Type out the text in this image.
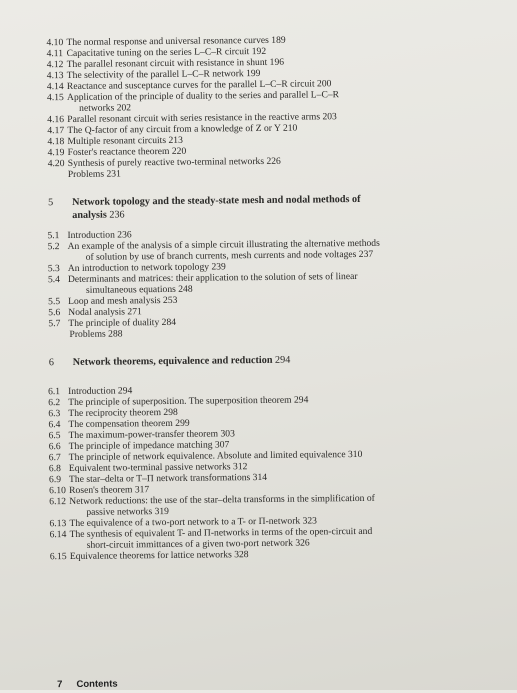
4.10 The normal response and universal resonance curves 189
4.11 Capacitative tuning on the series L–C–R circuit 192
4.12 The parallel resonant circuit with resistance in shunt 196
4.13 The selectivity of the parallel L–C–R network 199
4.14 Reactance and susceptance curves for the parallel L–C–R circuit 200
4.15 Application of the principle of duality to the series and parallel L–C–R
networks 202
4.16 Parallel resonant circuit with series resistance in the reactive arms 203
4.17 The Q-factor of any circuit from a knowledge of Z or Y 210
4.18 Multiple resonant circuits 213
4.19 Foster's reactance theorem 220
4.20 Synthesis of purely reactive two-terminal networks 226
Problems 231
5 Network topology and the steady-state mesh and nodal methods of
analysis 236
5.1 Introduction 236
5.2 An example of the analysis of a simple circuit illustrating the alternative methods
of solution by use of branch currents, mesh currents and node voltages 237
5.3 An introduction to network topology 239
5.4 Determinants and matrices: their application to the solution of sets of linear
simultaneous equations 248
5.5 Loop and mesh analysis 253
5.6 Nodal analysis 271
5.7 The principle of duality 284
Problems 288
6 Network theorems, equivalence and reduction 294
6.1 Introduction 294
6.2 The principle of superposition. The superposition theorem 294
6.3 The reciprocity theorem 298
6.4 The compensation theorem 299
6.5 The maximum-power-transfer theorem 303
6.6 The principle of impedance matching 307
6.7 The principle of network equivalence. Absolute and limited equivalence 310
6.8 Equivalent two-terminal passive networks 312
6.9 The star–delta or T–Π network transformations 314
6.10 Rosen's theorem 317
6.12 Network reductions: the use of the star–delta transforms in the simplification of
passive networks 319
6.13 The equivalence of a two-port network to a T- or Π-network 323
6.14 The synthesis of equivalent T- and Π-networks in terms of the open-circuit and
short-circuit immittances of a given two-port network 326
6.15 Equivalence theorems for lattice networks 328
7 Contents
